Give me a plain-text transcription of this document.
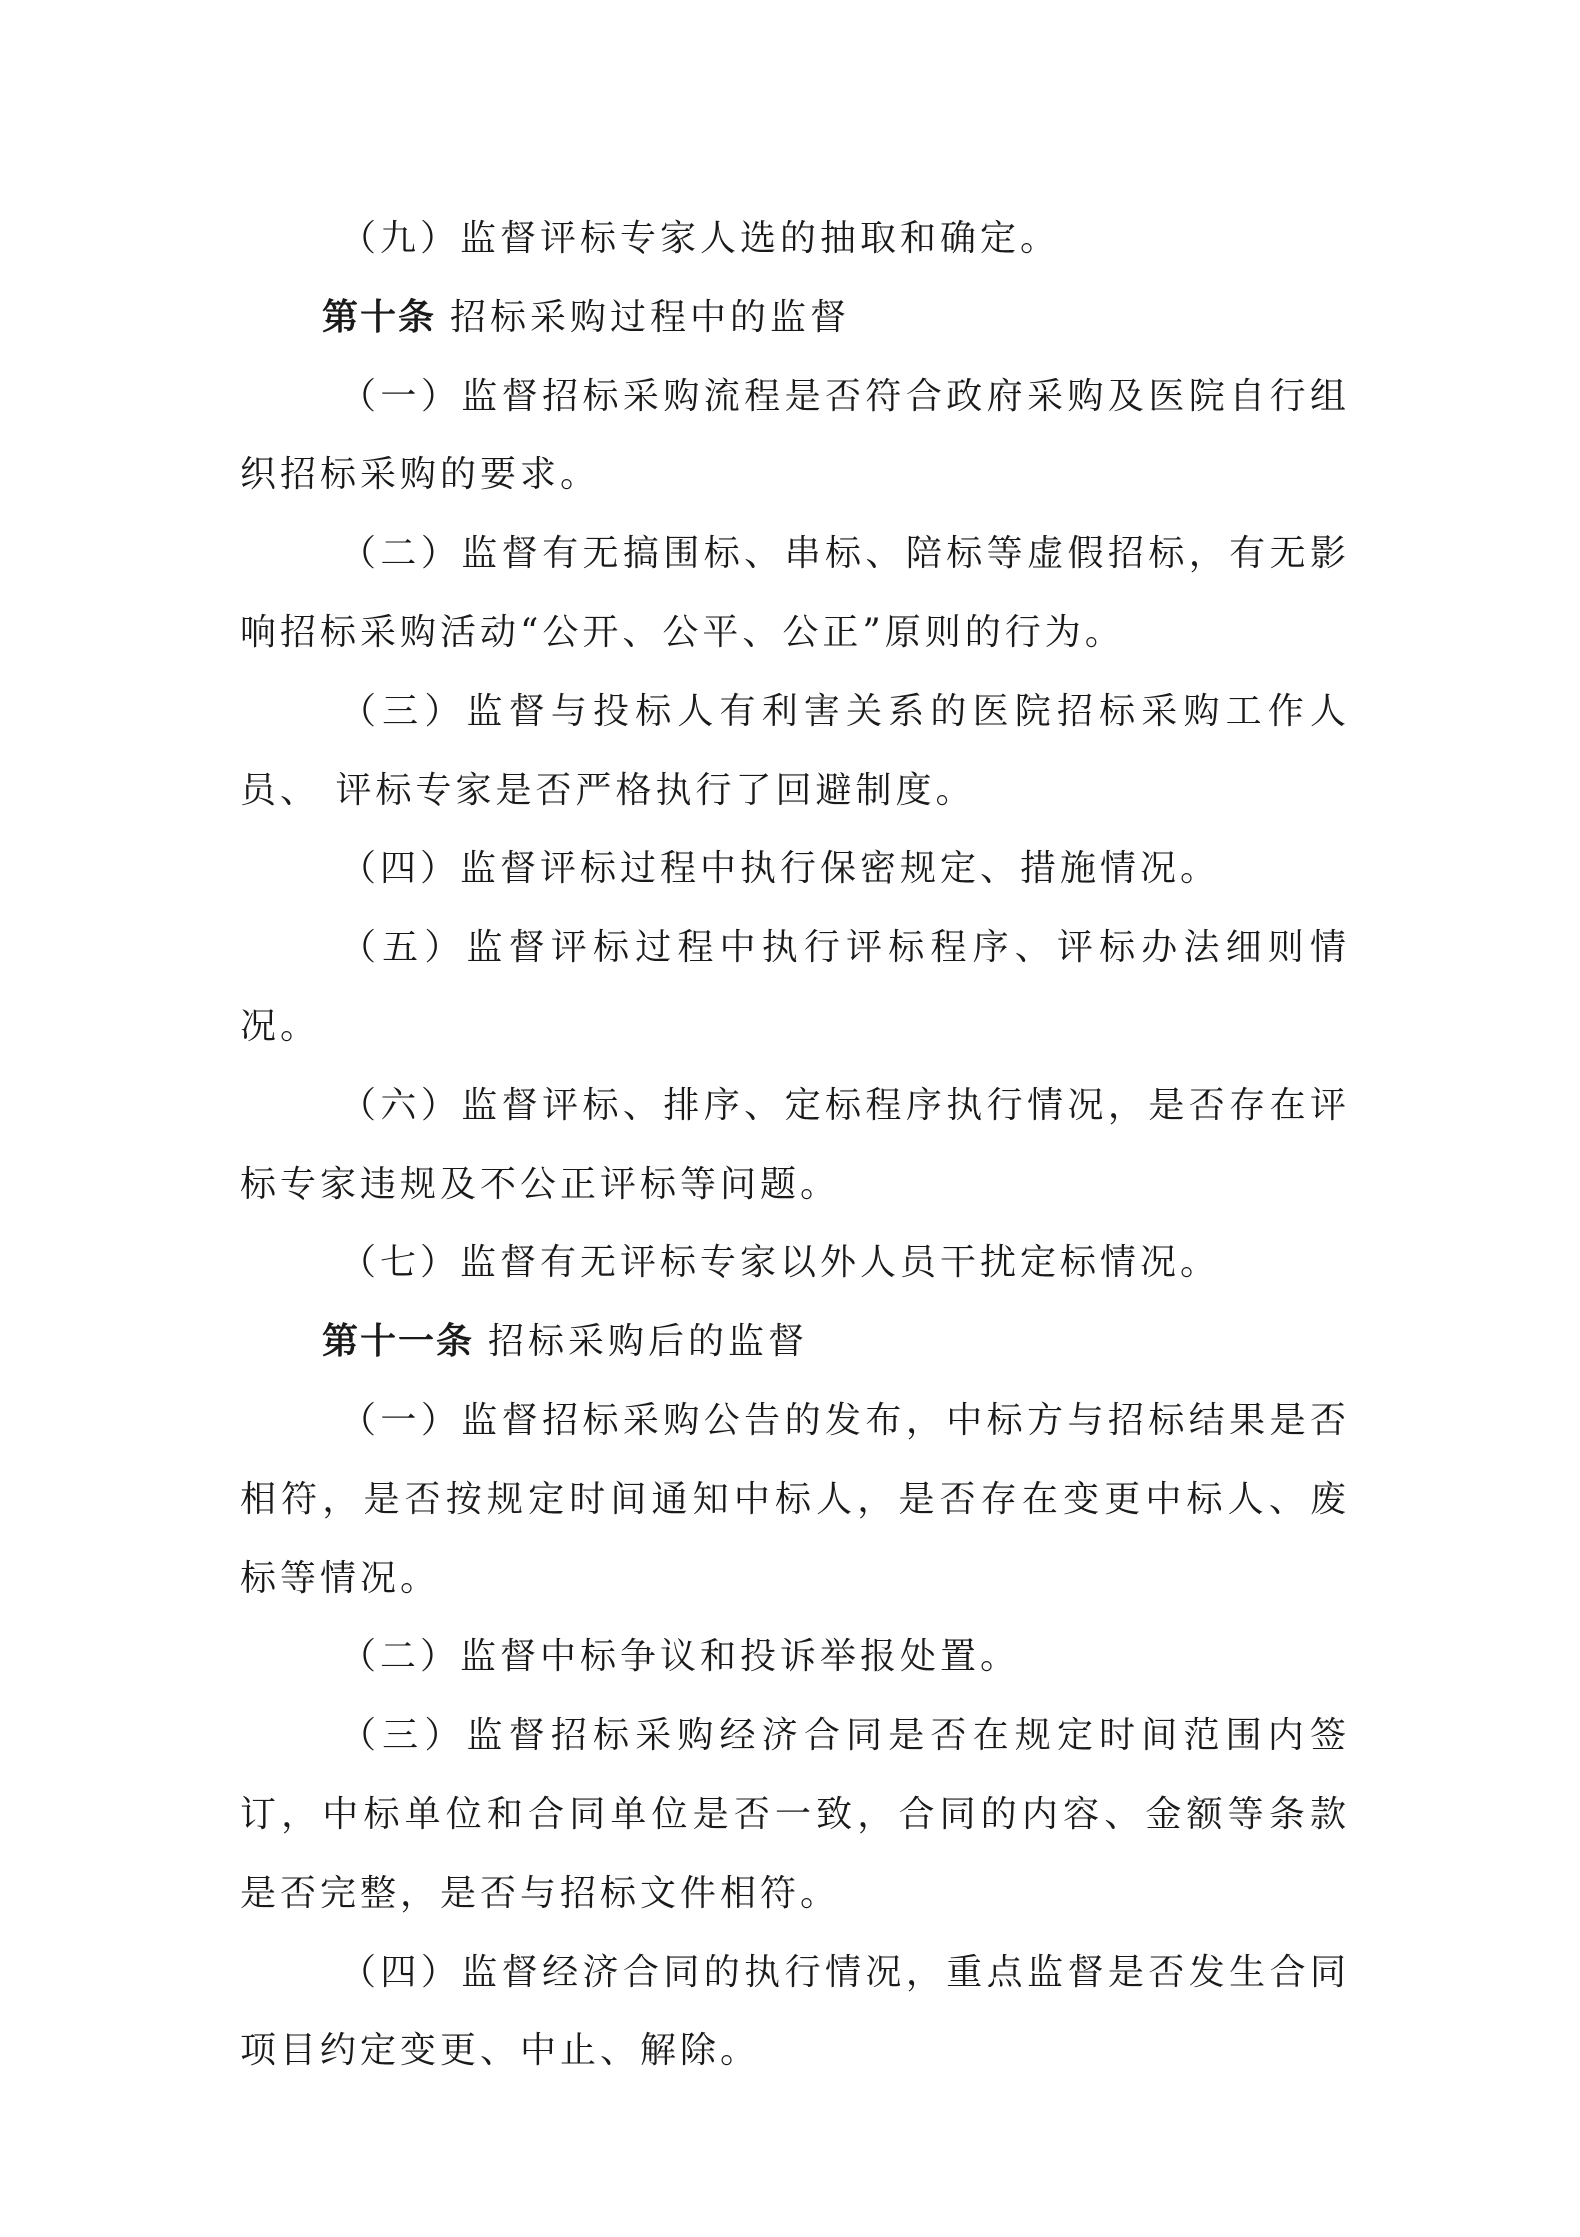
（九）监督评标专家人选的抽取和确定。

第十条 招标采购过程中的监督

（一）监督招标采购流程是否符合政府采购及医院自行组织招标采购的要求。

（二）监督有无搞围标、串标、陪标等虚假招标，有无影响招标采购活动“公开、公平、公正”原则的行为。

（三）监督与投标人有利害关系的医院招标采购工作人员、 评标专家是否严格执行了回避制度。

（四）监督评标过程中执行保密规定、措施情况。

（五）监督评标过程中执行评标程序、评标办法细则情况。

（六）监督评标、排序、定标程序执行情况，是否存在评标专家违规及不公正评标等问题。

（七）监督有无评标专家以外人员干扰定标情况。

第十一条 招标采购后的监督

（一）监督招标采购公告的发布，中标方与招标结果是否相符，是否按规定时间通知中标人，是否存在变更中标人、废标等情况。

（二）监督中标争议和投诉举报处置。

（三）监督招标采购经济合同是否在规定时间范围内签订，中标单位和合同单位是否一致，合同的内容、金额等条款是否完整，是否与招标文件相符。

（四）监督经济合同的执行情况，重点监督是否发生合同项目约定变更、中止、解除。
